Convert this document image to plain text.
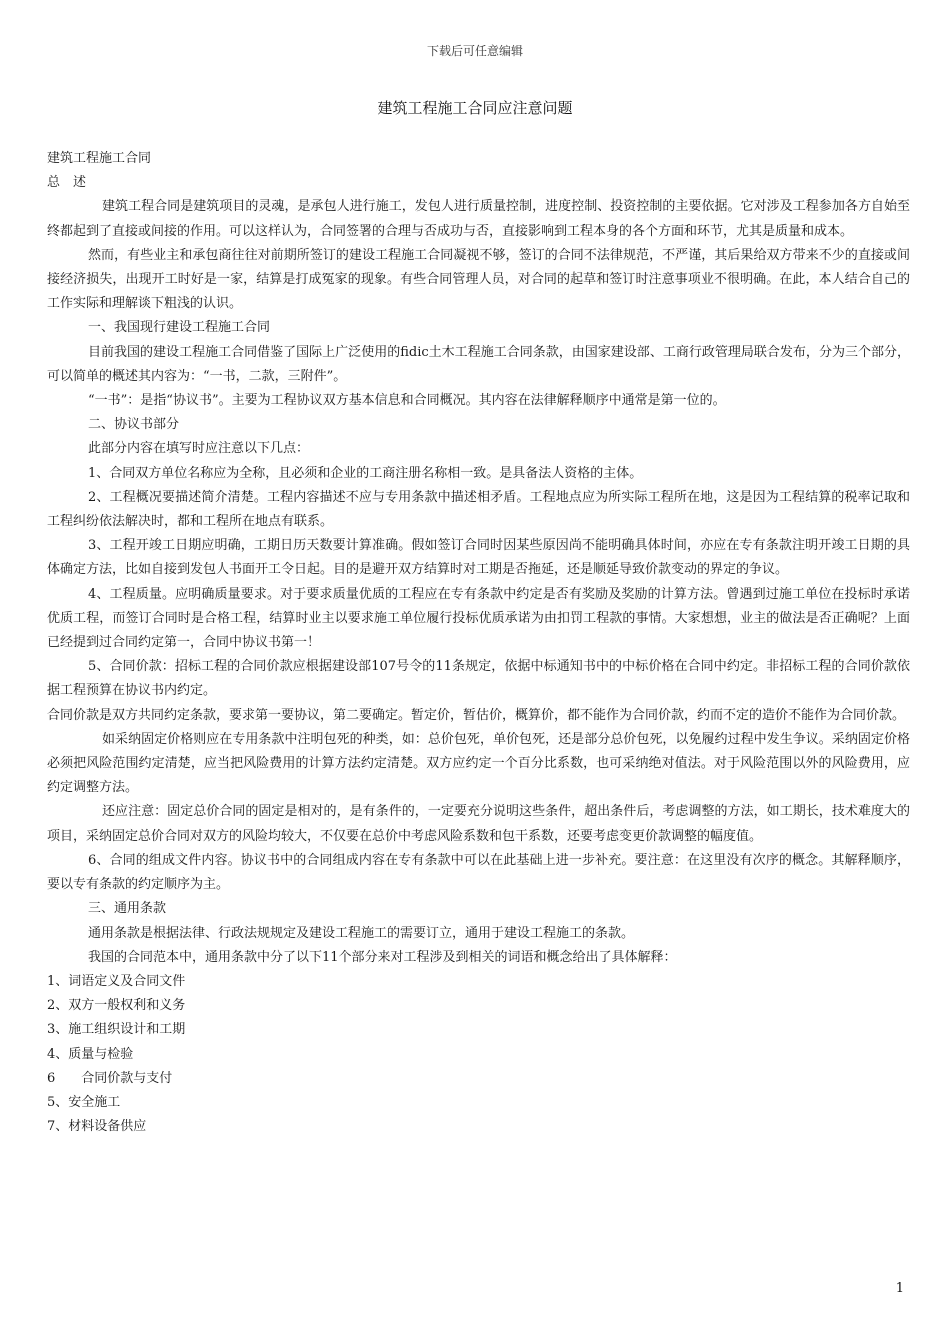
下载后可任意编辑
建筑工程施工合同应注意问题

建筑工程施工合同

总　述

建筑工程合同是建筑项目的灵魂，是承包人进行施工，发包人进行质量控制，进度控制、投资控制的主要依据。它对涉及工程参加各方自始至终都起到了直接或间接的作用。可以这样认为，合同签署的合理与否成功与否，直接影响到工程本身的各个方面和环节，尤其是质量和成本。

然而，有些业主和承包商往往对前期所签订的建设工程施工合同凝视不够，签订的合同不法律规范，不严谨，其后果给双方带来不少的直接或间接经济损失，出现开工时好是一家，结算是打成冤家的现象。有些合同管理人员，对合同的起草和签订时注意事项业不很明确。在此，本人结合自己的工作实际和理解谈下粗浅的认识。

一、我国现行建设工程施工合同

目前我国的建设工程施工合同借鉴了国际上广泛使用的fidic土木工程施工合同条款，由国家建设部、工商行政管理局联合发布，分为三个部分，可以简单的概述其内容为：“一书，二款，三附件”。

“一书”：是指“协议书”。主要为工程协议双方基本信息和合同概况。其内容在法律解释顺序中通常是第一位的。

二、协议书部分

此部分内容在填写时应注意以下几点：

1、合同双方单位名称应为全称，且必须和企业的工商注册名称相一致。是具备法人资格的主体。

2、工程概况要描述简介清楚。工程内容描述不应与专用条款中描述相矛盾。工程地点应为所实际工程所在地，这是因为工程结算的税率记取和工程纠纷依法解决时，都和工程所在地点有联系。

3、工程开竣工日期应明确，工期日历天数要计算准确。假如签订合同时因某些原因尚不能明确具体时间，亦应在专有条款注明开竣工日期的具体确定方法，比如自接到发包人书面开工令日起。目的是避开双方结算时对工期是否拖延，还是顺延导致价款变动的界定的争议。

4、工程质量。应明确质量要求。对于要求质量优质的工程应在专有条款中约定是否有奖励及奖励的计算方法。曾遇到过施工单位在投标时承诺优质工程，而签订合同时是合格工程，结算时业主以要求施工单位履行投标优质承诺为由扣罚工程款的事情。大家想想，业主的做法是否正确呢？上面已经提到过合同约定第一，合同中协议书第一！

5、合同价款：招标工程的合同价款应根据建设部107号令的11条规定，依据中标通知书中的中标价格在合同中约定。非招标工程的合同价款依据工程预算在协议书内约定。

合同价款是双方共同约定条款，要求第一要协议，第二要确定。暂定价，暂估价，概算价，都不能作为合同价款，约而不定的造价不能作为合同价款。

如采纳固定价格则应在专用条款中注明包死的种类，如：总价包死，单价包死，还是部分总价包死，以免履约过程中发生争议。采纳固定价格必须把风险范围约定清楚，应当把风险费用的计算方法约定清楚。双方应约定一个百分比系数，也可采纳绝对值法。对于风险范围以外的风险费用，应约定调整方法。

还应注意：固定总价合同的固定是相对的，是有条件的，一定要充分说明这些条件，超出条件后，考虑调整的方法，如工期长，技术难度大的项目，采纳固定总价合同对双方的风险均较大，不仅要在总价中考虑风险系数和包干系数，还要考虑变更价款调整的幅度值。

6、合同的组成文件内容。协议书中的合同组成内容在专有条款中可以在此基础上进一步补充。要注意：在这里没有次序的概念。其解释顺序，要以专有条款的约定顺序为主。

三、通用条款

通用条款是根据法律、行政法规规定及建设工程施工的需要订立，通用于建设工程施工的条款。

我国的合同范本中，通用条款中分了以下11个部分来对工程涉及到相关的词语和概念给出了具体解释：

1、词语定义及合同文件

2、双方一般权利和义务

3、施工组织设计和工期

4、质量与检验

6　　合同价款与支付

5、安全施工

7、材料设备供应

1
